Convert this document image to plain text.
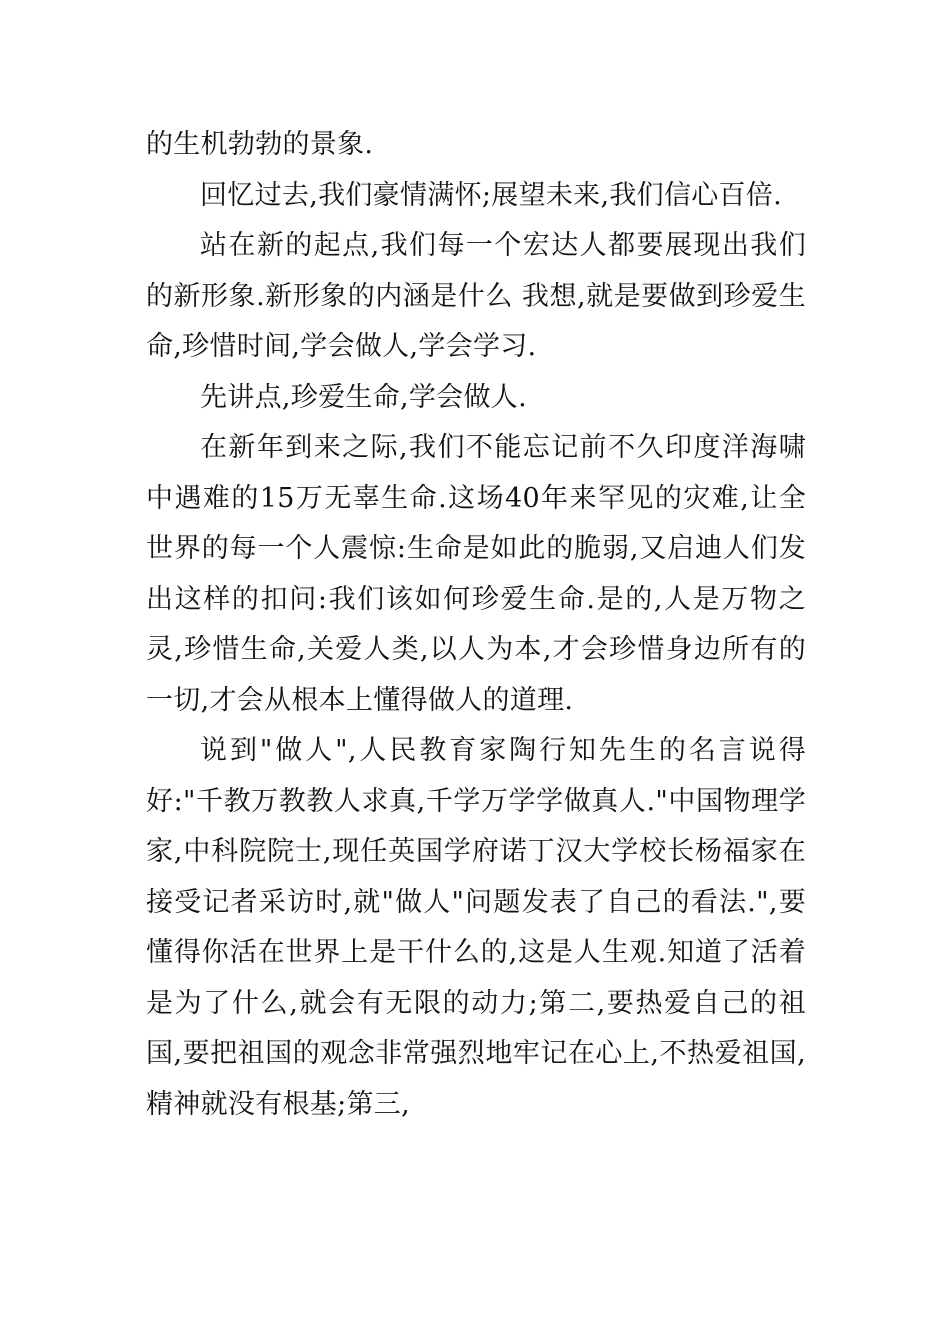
的生机勃勃的景象.

回忆过去,我们豪情满怀;展望未来,我们信心百倍.

站在新的起点,我们每一个宏达人都要展现出我们的新形象.新形象的内涵是什么 我想,就是要做到珍爱生命,珍惜时间,学会做人,学会学习.

先讲点,珍爱生命,学会做人.

在新年到来之际,我们不能忘记前不久印度洋海啸中遇难的15万无辜生命.这场40年来罕见的灾难,让全世界的每一个人震惊:生命是如此的脆弱,又启迪人们发出这样的扣问:我们该如何珍爱生命.是的,人是万物之灵,珍惜生命,关爱人类,以人为本,才会珍惜身边所有的一切,才会从根本上懂得做人的道理.

说到"做人",人民教育家陶行知先生的名言说得好:"千教万教教人求真,千学万学学做真人."中国物理学家,中科院院士,现任英国学府诺丁汉大学校长杨福家在接受记者采访时,就"做人"问题发表了自己的看法.",要懂得你活在世界上是干什么的,这是人生观.知道了活着是为了什么,就会有无限的动力;第二,要热爱自己的祖国,要把祖国的观念非常强烈地牢记在心上,不热爱祖国,精神就没有根基;第三,
